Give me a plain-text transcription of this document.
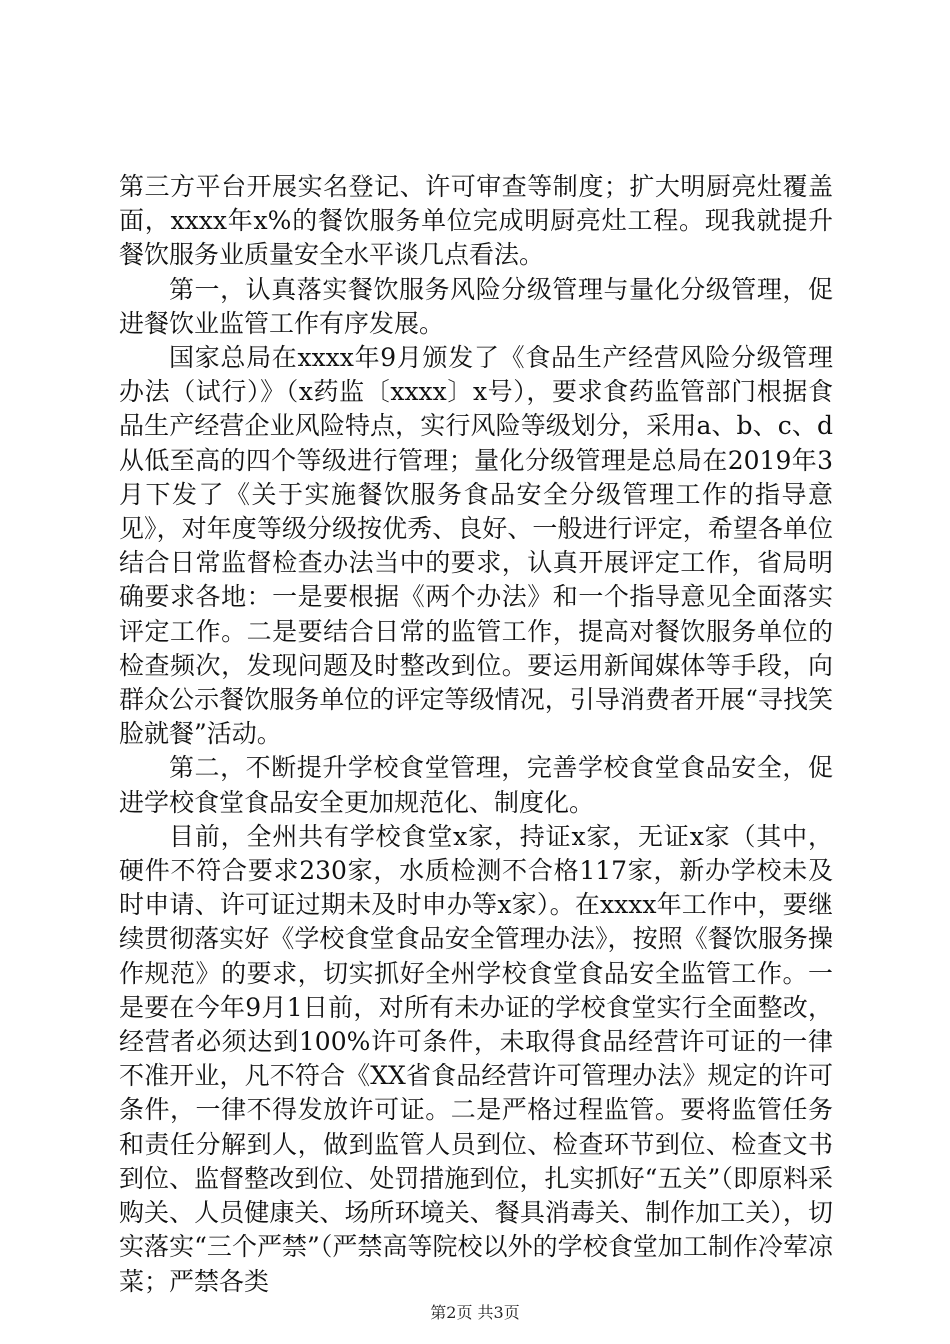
第三方平台开展实名登记、许可审查等制度；扩大明厨亮灶覆盖面，xxxx年x%的餐饮服务单位完成明厨亮灶工程。现我就提升餐饮服务业质量安全水平谈几点看法。

第一，认真落实餐饮服务风险分级管理与量化分级管理，促进餐饮业监管工作有序发展。

国家总局在xxxx年9月颁发了《食品生产经营风险分级管理办法（试行）》（x药监〔xxxx〕x号），要求食药监管部门根据食品生产经营企业风险特点，实行风险等级划分，采用a、b、c、d从低至高的四个等级进行管理；量化分级管理是总局在2019年3月下发了《关于实施餐饮服务食品安全分级管理工作的指导意见》，对年度等级分级按优秀、良好、一般进行评定，希望各单位结合日常监督检查办法当中的要求，认真开展评定工作，省局明确要求各地：一是要根据《两个办法》和一个指导意见全面落实评定工作。二是要结合日常的监管工作，提高对餐饮服务单位的检查频次，发现问题及时整改到位。要运用新闻媒体等手段，向群众公示餐饮服务单位的评定等级情况，引导消费者开展“寻找笑脸就餐”活动。

第二，不断提升学校食堂管理，完善学校食堂食品安全，促进学校食堂食品安全更加规范化、制度化。

目前，全州共有学校食堂x家，持证x家，无证x家（其中，硬件不符合要求230家，水质检测不合格117家，新办学校未及时申请、许可证过期未及时申办等x家）。在xxxx年工作中，要继续贯彻落实好《学校食堂食品安全管理办法》，按照《餐饮服务操作规范》的要求，切实抓好全州学校食堂食品安全监管工作。一是要在今年9月1日前，对所有未办证的学校食堂实行全面整改，经营者必须达到100%许可条件，未取得食品经营许可证的一律不准开业，凡不符合《XX省食品经营许可管理办法》规定的许可条件，一律不得发放许可证。二是严格过程监管。要将监管任务和责任分解到人，做到监管人员到位、检查环节到位、检查文书到位、监督整改到位、处罚措施到位，扎实抓好“五关”（即原料采购关、人员健康关、场所环境关、餐具消毒关、制作加工关），切实落实“三个严禁”（严禁高等院校以外的学校食堂加工制作冷荤凉菜；严禁各类

第2页 共3页
